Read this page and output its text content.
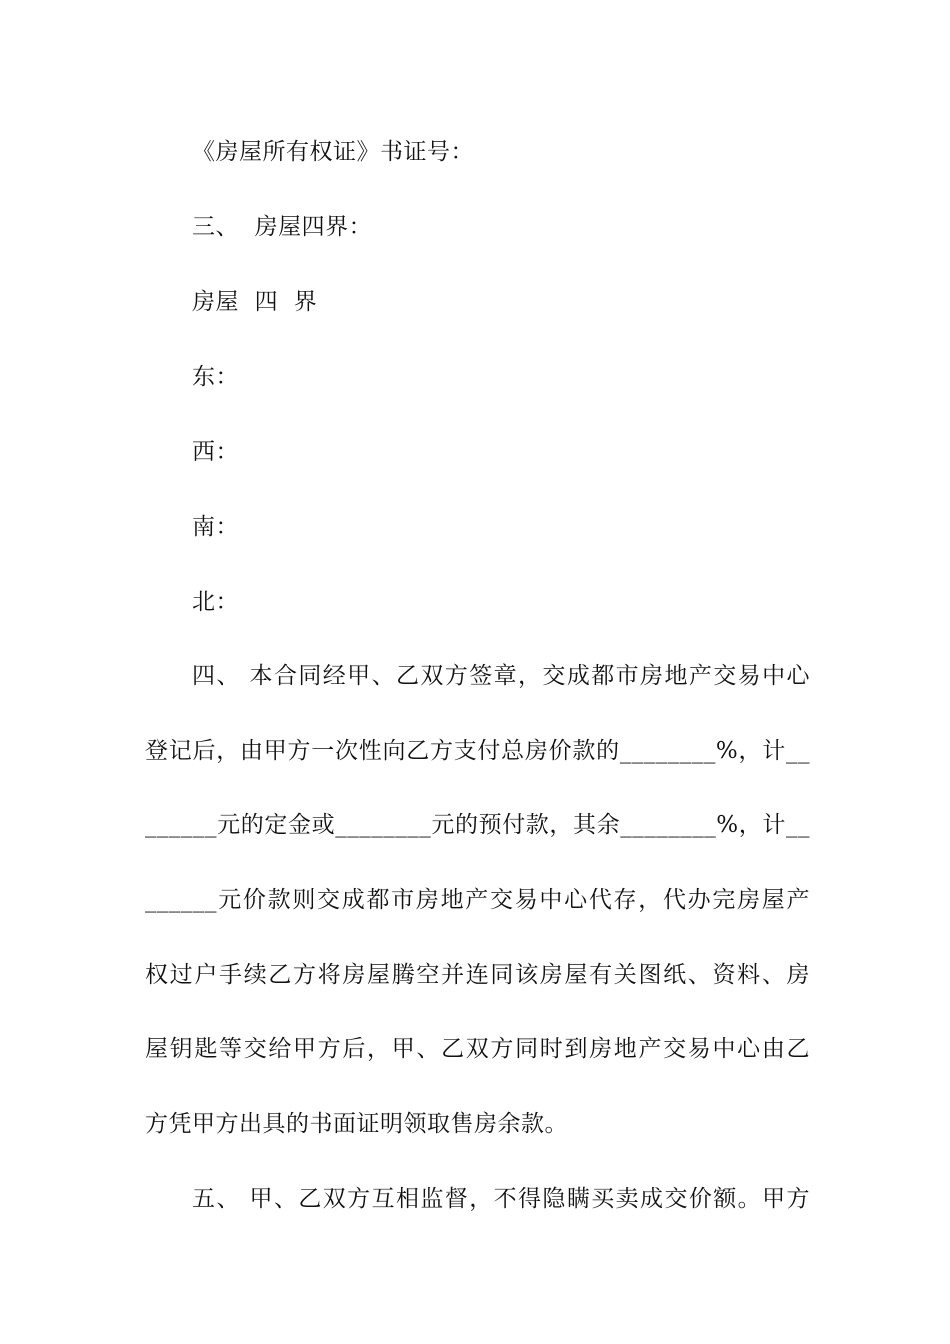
《房屋所有权证》书证号：
三、  房屋四界：
房屋  四  界
东：
西：
南：
北：
四、 本合同经甲、乙双方签章，交成都市房地产交易中心
登记后，由甲方一次性向乙方支付总房价款的________%，计__
______元的定金或________元的预付款，其余________%，计__
______元价款则交成都市房地产交易中心代存，代办完房屋产
权过户手续乙方将房屋腾空并连同该房屋有关图纸、资料、房
屋钥匙等交给甲方后，甲、乙双方同时到房地产交易中心由乙
方凭甲方出具的书面证明领取售房余款。
五、 甲、乙双方互相监督，不得隐瞒买卖成交价额。甲方
